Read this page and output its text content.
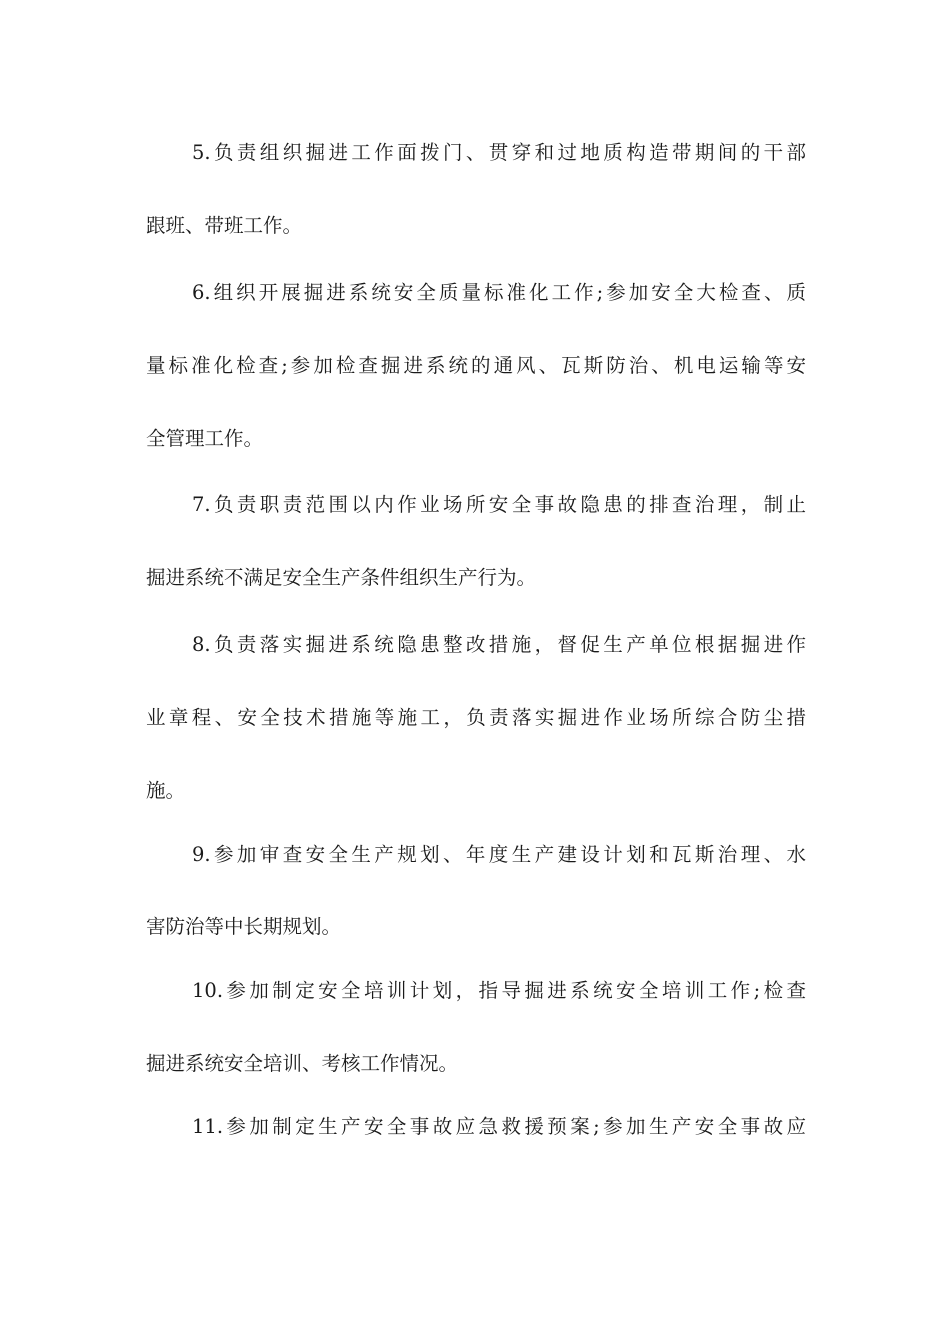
5.负责组织掘进工作面拨门、贯穿和过地质构造带期间的干部
跟班、带班工作。
6.组织开展掘进系统安全质量标准化工作;参加安全大检查、质
量标准化检查;参加检查掘进系统的通风、瓦斯防治、机电运输等安
全管理工作。
7.负责职责范围以内作业场所安全事故隐患的排查治理，制止
掘进系统不满足安全生产条件组织生产行为。
8.负责落实掘进系统隐患整改措施，督促生产单位根据掘进作
业章程、安全技术措施等施工，负责落实掘进作业场所综合防尘措
施。
9.参加审查安全生产规划、年度生产建设计划和瓦斯治理、水
害防治等中长期规划。
10.参加制定安全培训计划，指导掘进系统安全培训工作;检查
掘进系统安全培训、考核工作情况。
11.参加制定生产安全事故应急救援预案;参加生产安全事故应
